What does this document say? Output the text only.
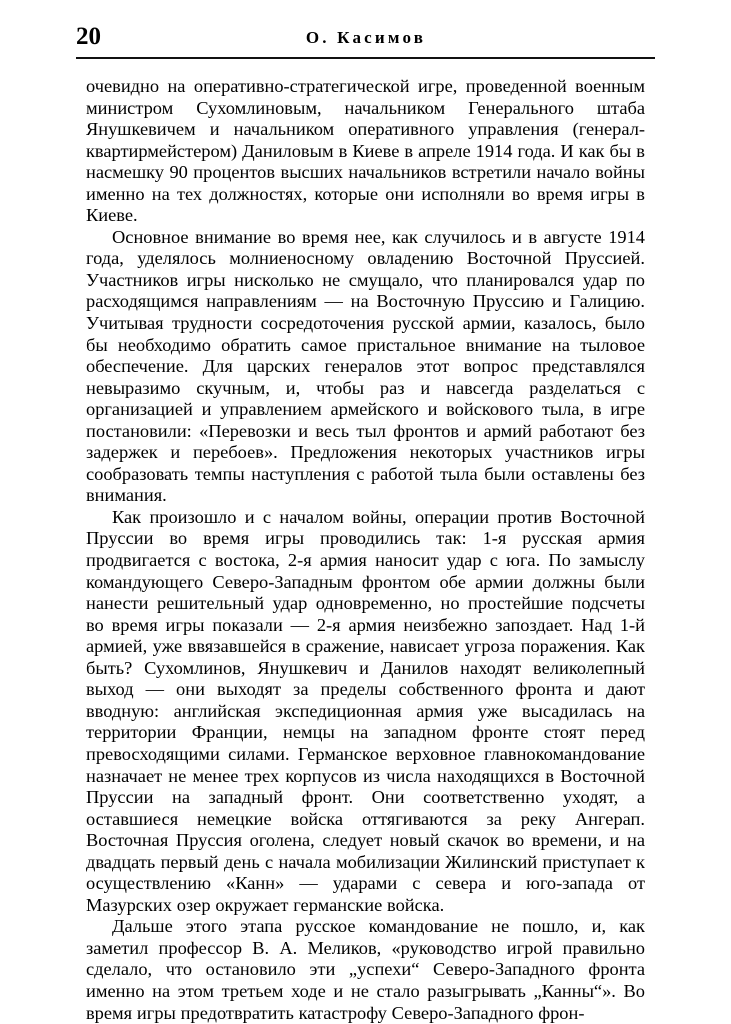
20	О. Касимов

очевидно на оперативно-стратегической игре, проведенной военным министром Сухомлиновым, начальником Генерального штаба Янушкевичем и начальником оперативного управления (генерал-квартирмейстером) Даниловым в Киеве в апреле 1914 года. И как бы в насмешку 90 процентов высших начальников встретили начало войны именно на тех должностях, которые они исполняли во время игры в Киеве.

Основное внимание во время нее, как случилось и в августе 1914 года, уделялось молниеносному овладению Восточной Пруссией. Участников игры нисколько не смущало, что планировался удар по расходящимся направлениям — на Восточную Пруссию и Галицию. Учитывая трудности сосредоточения русской армии, казалось, было бы необходимо обратить самое пристальное внимание на тыловое обеспечение. Для царских генералов этот вопрос представлялся невыразимо скучным, и, чтобы раз и навсегда разделаться с организацией и управлением армейского и войскового тыла, в игре постановили: «Перевозки и весь тыл фронтов и армий работают без задержек и перебоев». Предложения некоторых участников игры сообразовать темпы наступления с работой тыла были оставлены без внимания.

Как произошло и с началом войны, операции против Восточной Пруссии во время игры проводились так: 1-я русская армия продвигается с востока, 2-я армия наносит удар с юга. По замыслу командующего Северо-Западным фронтом обе армии должны были нанести решительный удар одновременно, но простейшие подсчеты во время игры показали — 2-я армия неизбежно запоздает. Над 1-й армией, уже ввязавшейся в сражение, нависает угроза поражения. Как быть? Сухомлинов, Янушкевич и Данилов находят великолепный выход — они выходят за пределы собственного фронта и дают вводную: английская экспедиционная армия уже высадилась на территории Франции, немцы на западном фронте стоят перед превосходящими силами. Германское верховное главнокомандование назначает не менее трех корпусов из числа находящихся в Восточной Пруссии на западный фронт. Они соответственно уходят, а оставшиеся немецкие войска оттягиваются за реку Ангерап. Восточная Пруссия оголена, следует новый скачок во времени, и на двадцать первый день с начала мобилизации Жилинский приступает к осуществлению «Канн» — ударами с севера и юго-запада от Мазурских озер окружает германские войска.

Дальше этого этапа русское командование не пошло, и, как заметил профессор В. А. Меликов, «руководство игрой правильно сделало, что остановило эти „успехи“ Северо-Западного фронта именно на этом третьем ходе и не стало разыгрывать „Канны“». Во время игры предотвратить катастрофу Северо-Западного фрон-
